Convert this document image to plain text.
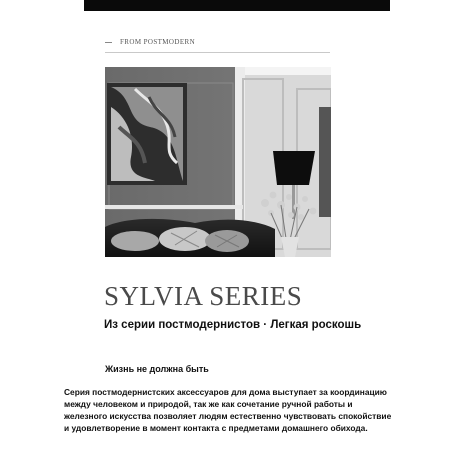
FROM POSTMODERN
SYLVIA SERIES
Из серии постмодернистов · Легкая роскошь
Жизнь не должна быть
Серия постмодернистских аксессуаров для дома выступает за координацию между человеком и природой, так же как сочетание ручной работы и железного искусства позволяет людям естественно чувствовать спокойствие и удовлетворение в момент контакта с предметами домашнего обихода.
